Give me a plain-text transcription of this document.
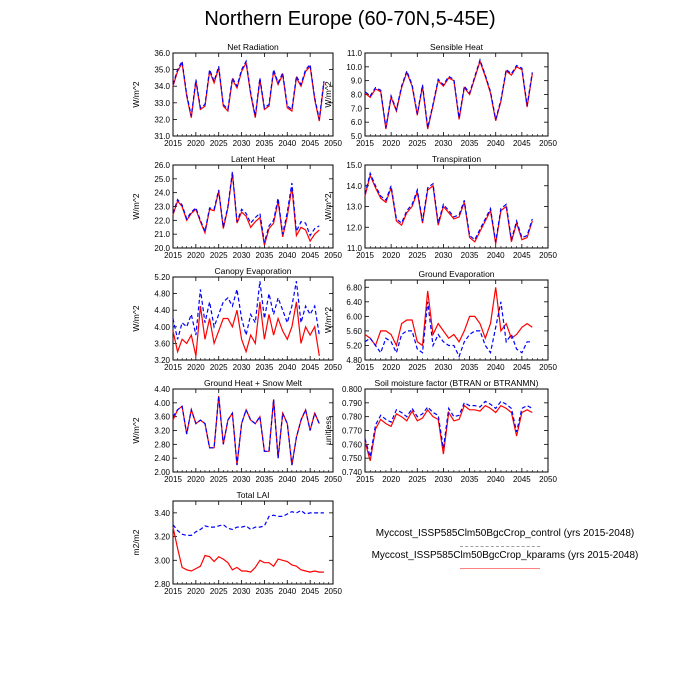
Northern Europe (60-70N,5-45E)
Net Radiation
W/m^2
2015 2020 2025 2030 2035 2040 2045 2050
31.0
32.0
33.0
34.0
35.0
36.0
Sensible Heat
W/m^2
2015 2020 2025 2030 2035 2040 2045 2050
5.0
6.0
7.0
8.0
9.0
10.0
11.0
Latent Heat
W/m^2
2015 2020 2025 2030 2035 2040 2045 2050
20.0
21.0
22.0
23.0
24.0
25.0
26.0
Transpiration
W/m^2
2015 2020 2025 2030 2035 2040 2045 2050
11.0
12.0
13.0
14.0
15.0
Canopy Evaporation
W/m^2
2015 2020 2025 2030 2035 2040 2045 2050
3.20
3.60
4.00
4.40
4.80
5.20	Ground Evaporation
W/m^2
2015 2020 2025 2030 2035 2040 2045 2050
4.80
5.20
5.60
6.00
6.40
6.80
Ground Heat + Snow Melt
W/m^2
2015 2020 2025 2030 2035 2040 2045 2050
2.00
2.40
2.80
3.20
3.60
4.00
4.40
Soil moisture factor (BTRAN or BTRANMN)
unitless
2015 2020 2025 2030 2035 2040 2045 2050
0.740
0.750
0.760
0.770
0.780
0.790
0.800
Total LAI
m2/m2
2015 2020 2025 2030 2035 2040 2045 2050
2.80
3.00
3.20
3.40
Myccost_ISSP585Clm50BgcCrop_control (yrs 2015-2048)
Myccost_ISSP585Clm50BgcCrop_kparams (yrs 2015-2048)
